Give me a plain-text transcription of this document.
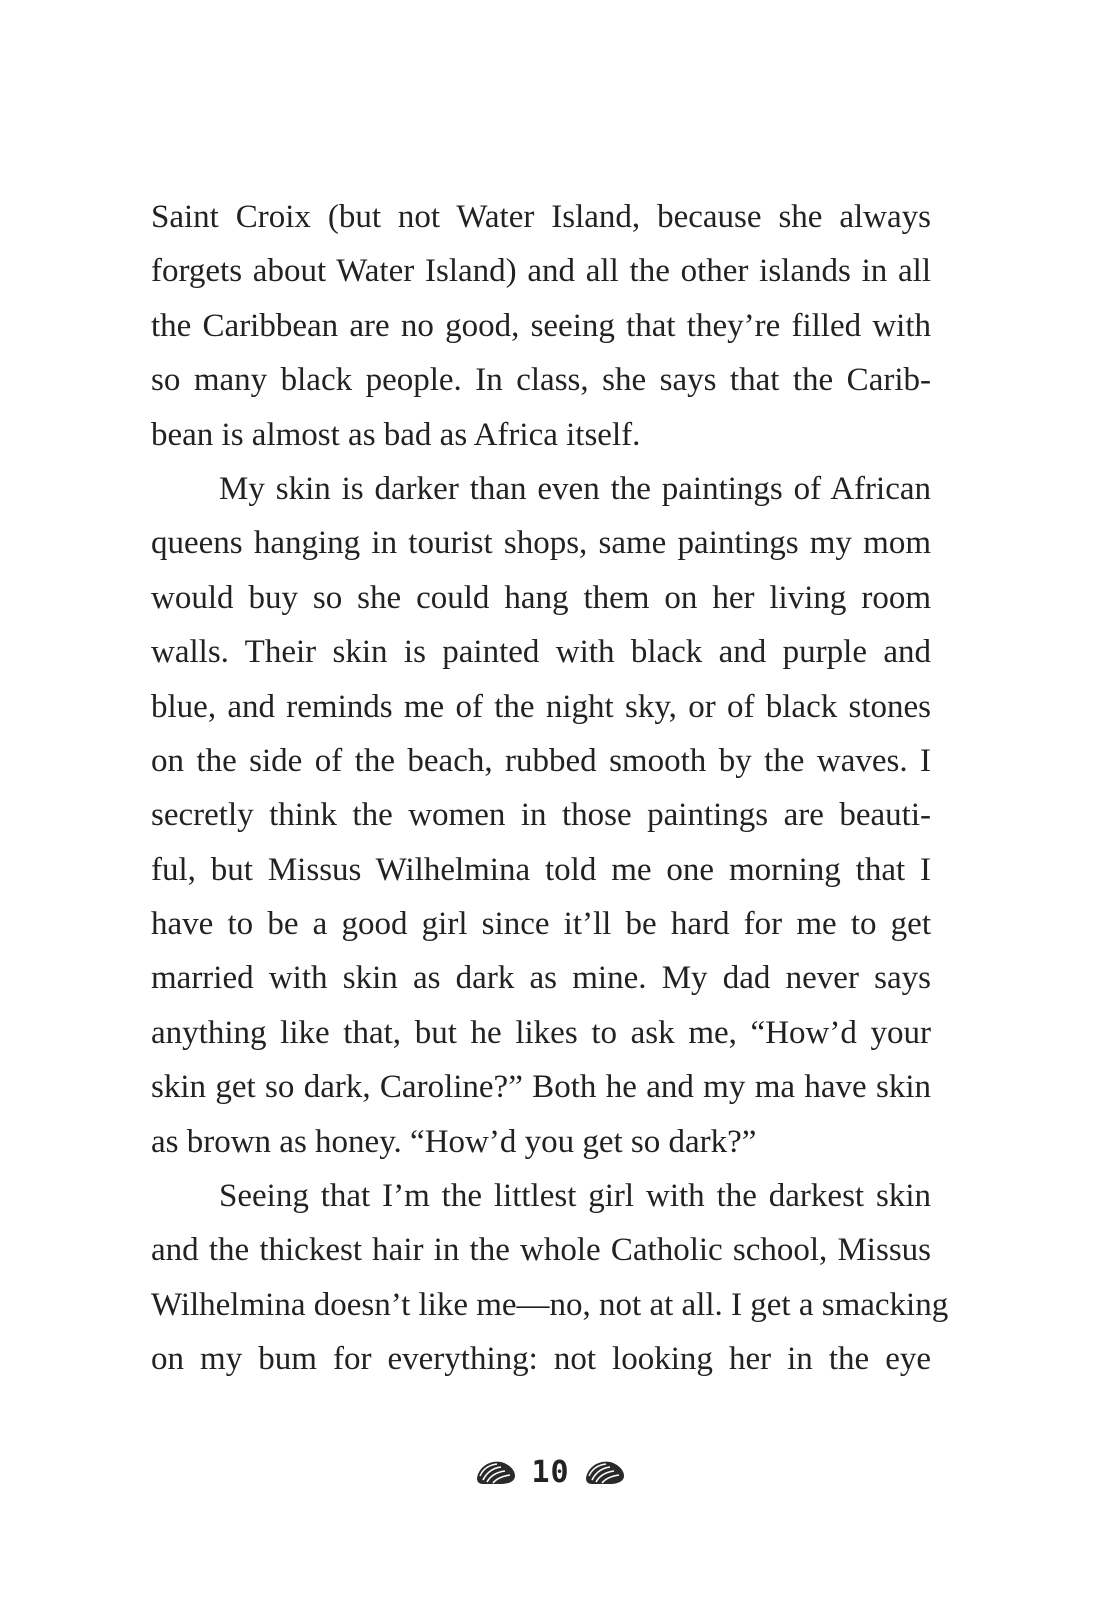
Saint Croix (but not Water Island, because she always
forgets about Water Island) and all the other islands in all
the Caribbean are no good, seeing that they’re filled with
so many black people. In class, she says that the Carib-
bean is almost as bad as Africa itself.
My skin is darker than even the paintings of African
queens hanging in tourist shops, same paintings my mom
would buy so she could hang them on her living room
walls. Their skin is painted with black and purple and
blue, and reminds me of the night sky, or of black stones
on the side of the beach, rubbed smooth by the waves. I
secretly think the women in those paintings are beauti-
ful, but Missus Wilhelmina told me one morning that I
have to be a good girl since it’ll be hard for me to get
married with skin as dark as mine. My dad never says
anything like that, but he likes to ask me, “How’d your
skin get so dark, Caroline?” Both he and my ma have skin
as brown as honey. “How’d you get so dark?”
Seeing that I’m the littlest girl with the darkest skin
and the thickest hair in the whole Catholic school, Missus
Wilhelmina doesn’t like me—no, not at all. I get a smacking
on my bum for everything: not looking her in the eye
10
